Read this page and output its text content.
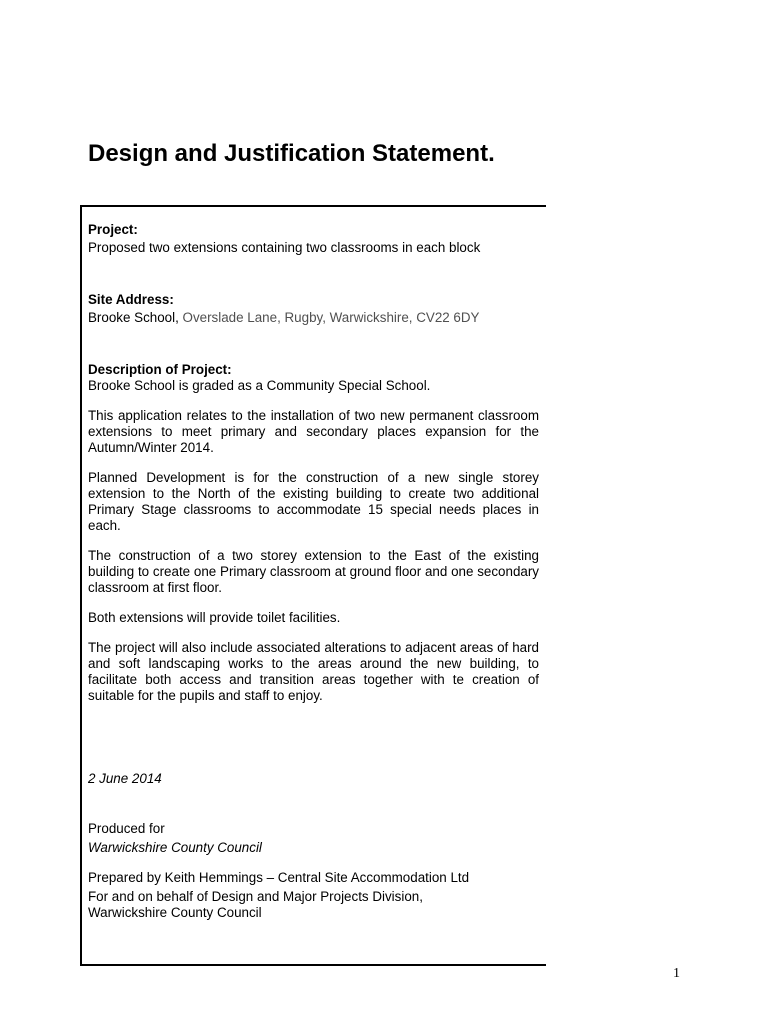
Design and Justification Statement.

Project:

Proposed two extensions containing two classrooms in each block

Site Address:

Brooke School, Overslade Lane, Rugby, Warwickshire, CV22 6DY

Description of Project:

Brooke School is graded as a Community Special School.

This application relates to the installation of two new permanent classroom extensions to meet primary and secondary places expansion for the Autumn/Winter 2014.

Planned Development is for the construction of a new single storey extension to the North of the existing building to create two additional Primary Stage classrooms to accommodate 15 special needs places in each.

The construction of a two storey extension to the East of the existing building to create one Primary classroom at ground floor and one secondary classroom at first floor.

Both extensions will provide toilet facilities.

The project will also include associated alterations to adjacent areas of hard and soft landscaping works to the areas around the new building, to facilitate both access and transition areas together with te creation of suitable for the pupils and staff to enjoy.

2 June 2014

Produced for

Warwickshire County Council

Prepared by Keith Hemmings – Central Site Accommodation Ltd

For and on behalf of Design and Major Projects Division,

Warwickshire County Council

1
